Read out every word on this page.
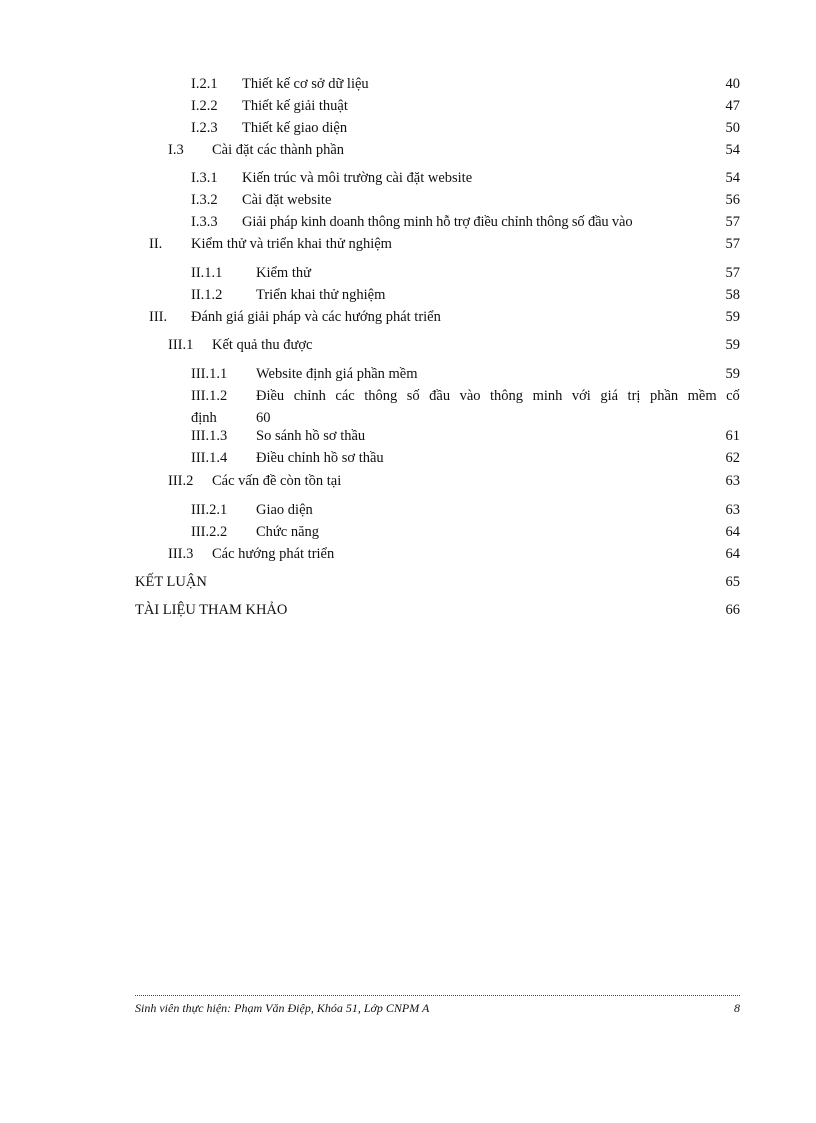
I.2.1	Thiết kế cơ sở dữ liệu	40
I.2.2	Thiết kế giải thuật	47
I.2.3	Thiết kế giao diện	50
I.3	Cài đặt các thành phần	54
I.3.1	Kiến trúc và môi trường cài đặt website	54
I.3.2	Cài đặt website	56
I.3.3	Giải pháp kinh doanh thông minh hỗ trợ điều chỉnh thông số đầu vào	57
II.	Kiểm thử và triển khai thử nghiệm	57
II.1.1	Kiểm thử	57
II.1.2	Triển khai thử nghiệm	58
III.	Đánh giá giải pháp và các hướng phát triển	59
III.1	Kết quả thu được	59
III.1.1	Website định giá phần mềm	59
III.1.2	Điều chỉnh các thông số đầu vào thông minh với giá trị phần mềm cố
định	60
III.1.3	So sánh hồ sơ thầu	61
III.1.4	Điều chỉnh hồ sơ thầu	62
III.2	Các vấn đề còn tồn tại	63
III.2.1	Giao diện	63
III.2.2	Chức năng	64
III.3	Các hướng phát triển	64
KẾT LUẬN	65
TÀI LIỆU THAM KHẢO	66
Sinh viên thực hiện: Phạm Văn Điệp, Khóa 51, Lớp CNPM A	8
